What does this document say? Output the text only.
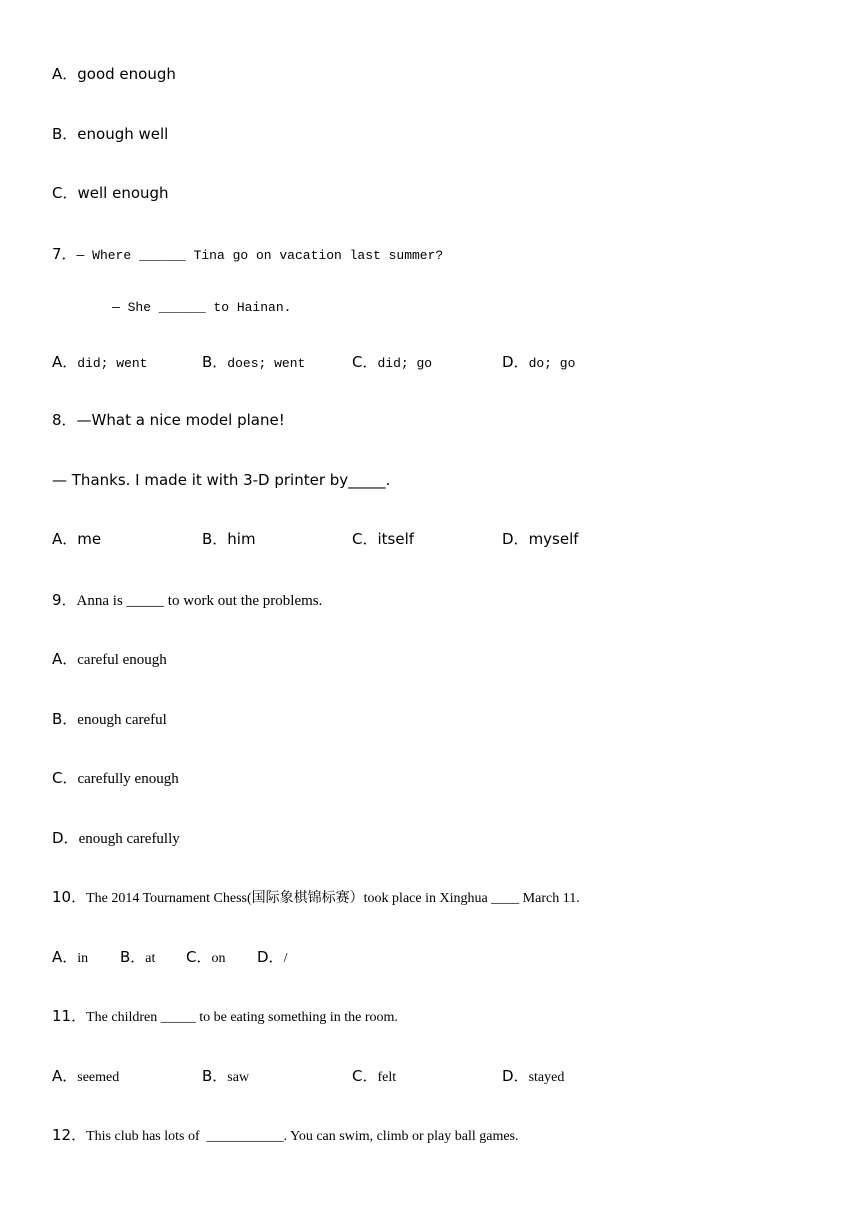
A．good enough
B．enough well
C．well enough
7．— Where ______ Tina go on vacation last summer?
— She ______ to Hainan.
A．did; went	B．does; went	C．did; go	D．do; go
8．—What a nice model plane!
— Thanks. I made it with 3-D printer by_____.
A．me	B．him	C．itself	D．myself
9．Anna is _____ to work out the problems.
A．careful enough
B．enough careful
C．carefully enough
D．enough carefully
10．The 2014 Tournament Chess(国际象棋锦标赛）took place in Xinghua ____ March 11.
A．in B．at C．on D．/
11．The children _____ to be eating something in the room.
A．seemed	B．saw	C．felt	D．stayed
12．This club has lots of  ___________. You can swim, climb or play ball games.
